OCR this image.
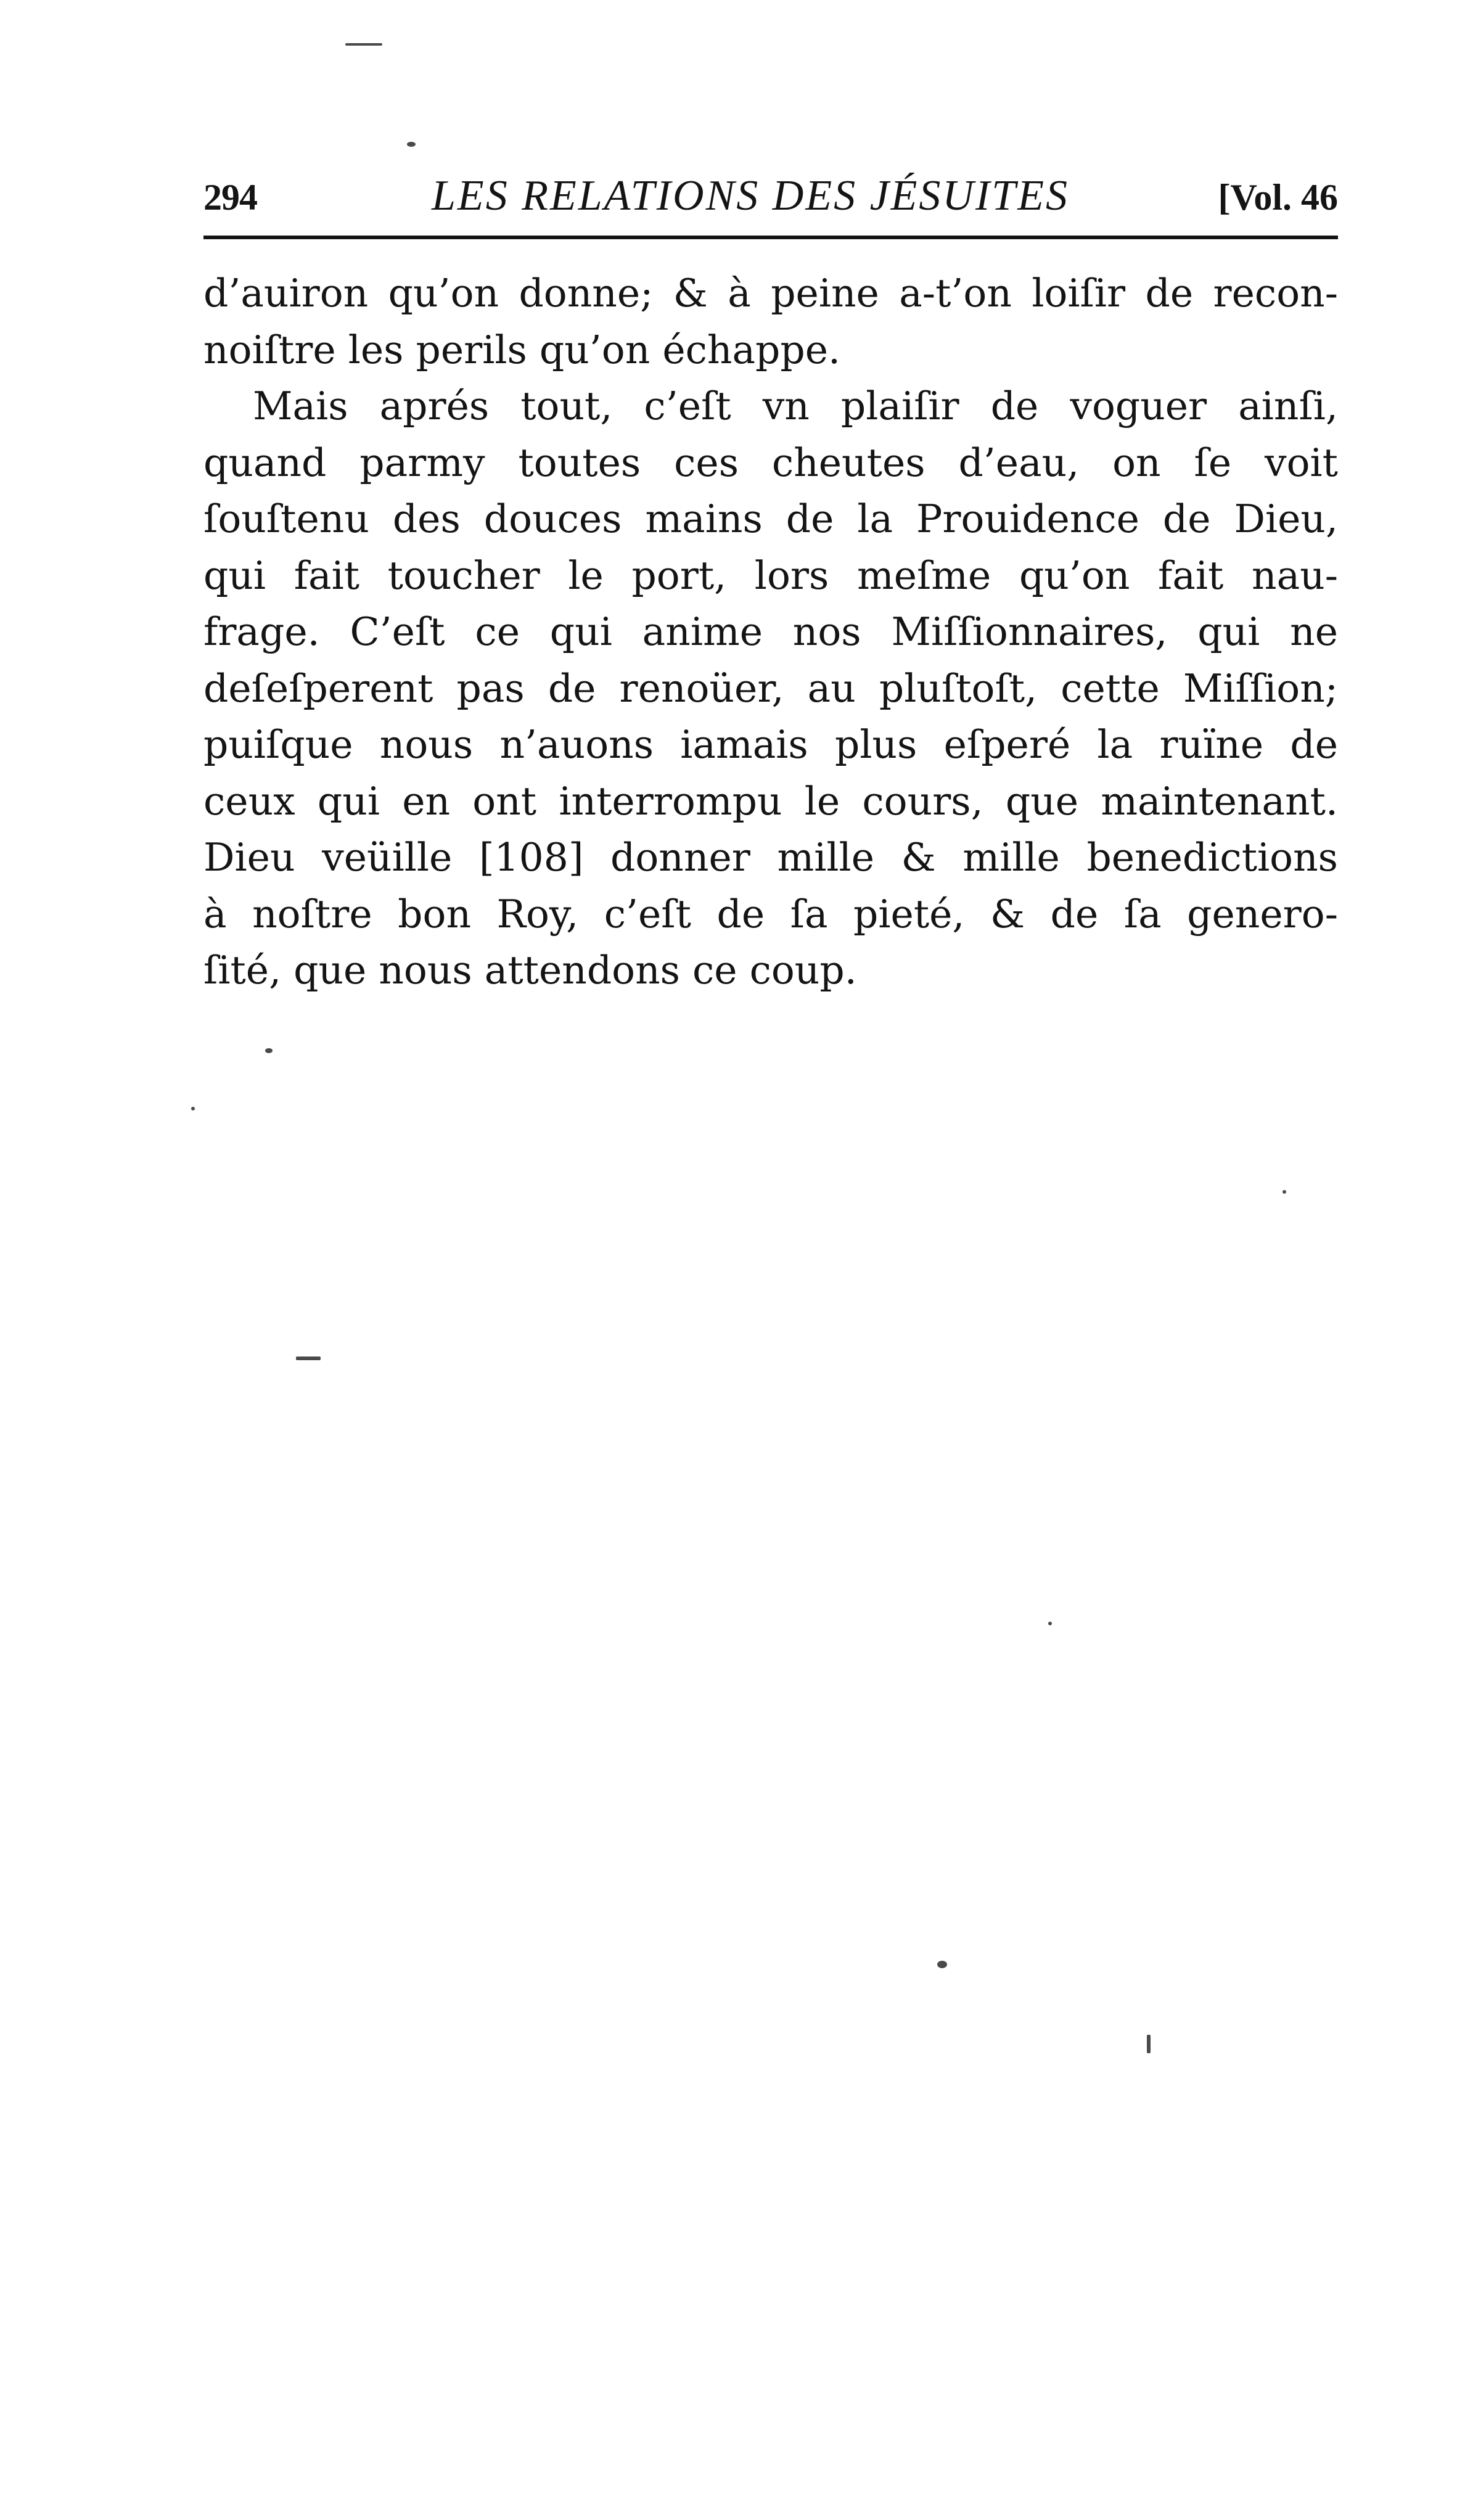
294	LES RELATIONS DES JÉSUITES	[Vol. 46

d’auiron qu’on donne; & à peine a-t’on loiſir de recon-
noiſtre les perils qu’on échappe.

Mais aprés tout, c’eſt vn plaiſir de voguer ainſi,
quand parmy toutes ces cheutes d’eau, on ſe voit
ſouſtenu des douces mains de la Prouidence de Dieu,
qui fait toucher le port, lors meſme qu’on fait nau-
frage. C’eſt ce qui anime nos Miſſionnaires, qui ne
deſeſperent pas de renoüer, au pluſtoſt, cette Miſſion;
puiſque nous n’auons iamais plus eſperé la ruïne de
ceux qui en ont interrompu le cours, que maintenant.
Dieu veüille [108] donner mille & mille benedictions
à noſtre bon Roy, c’eſt de ſa pieté, & de ſa genero-
ſité, que nous attendons ce coup.
